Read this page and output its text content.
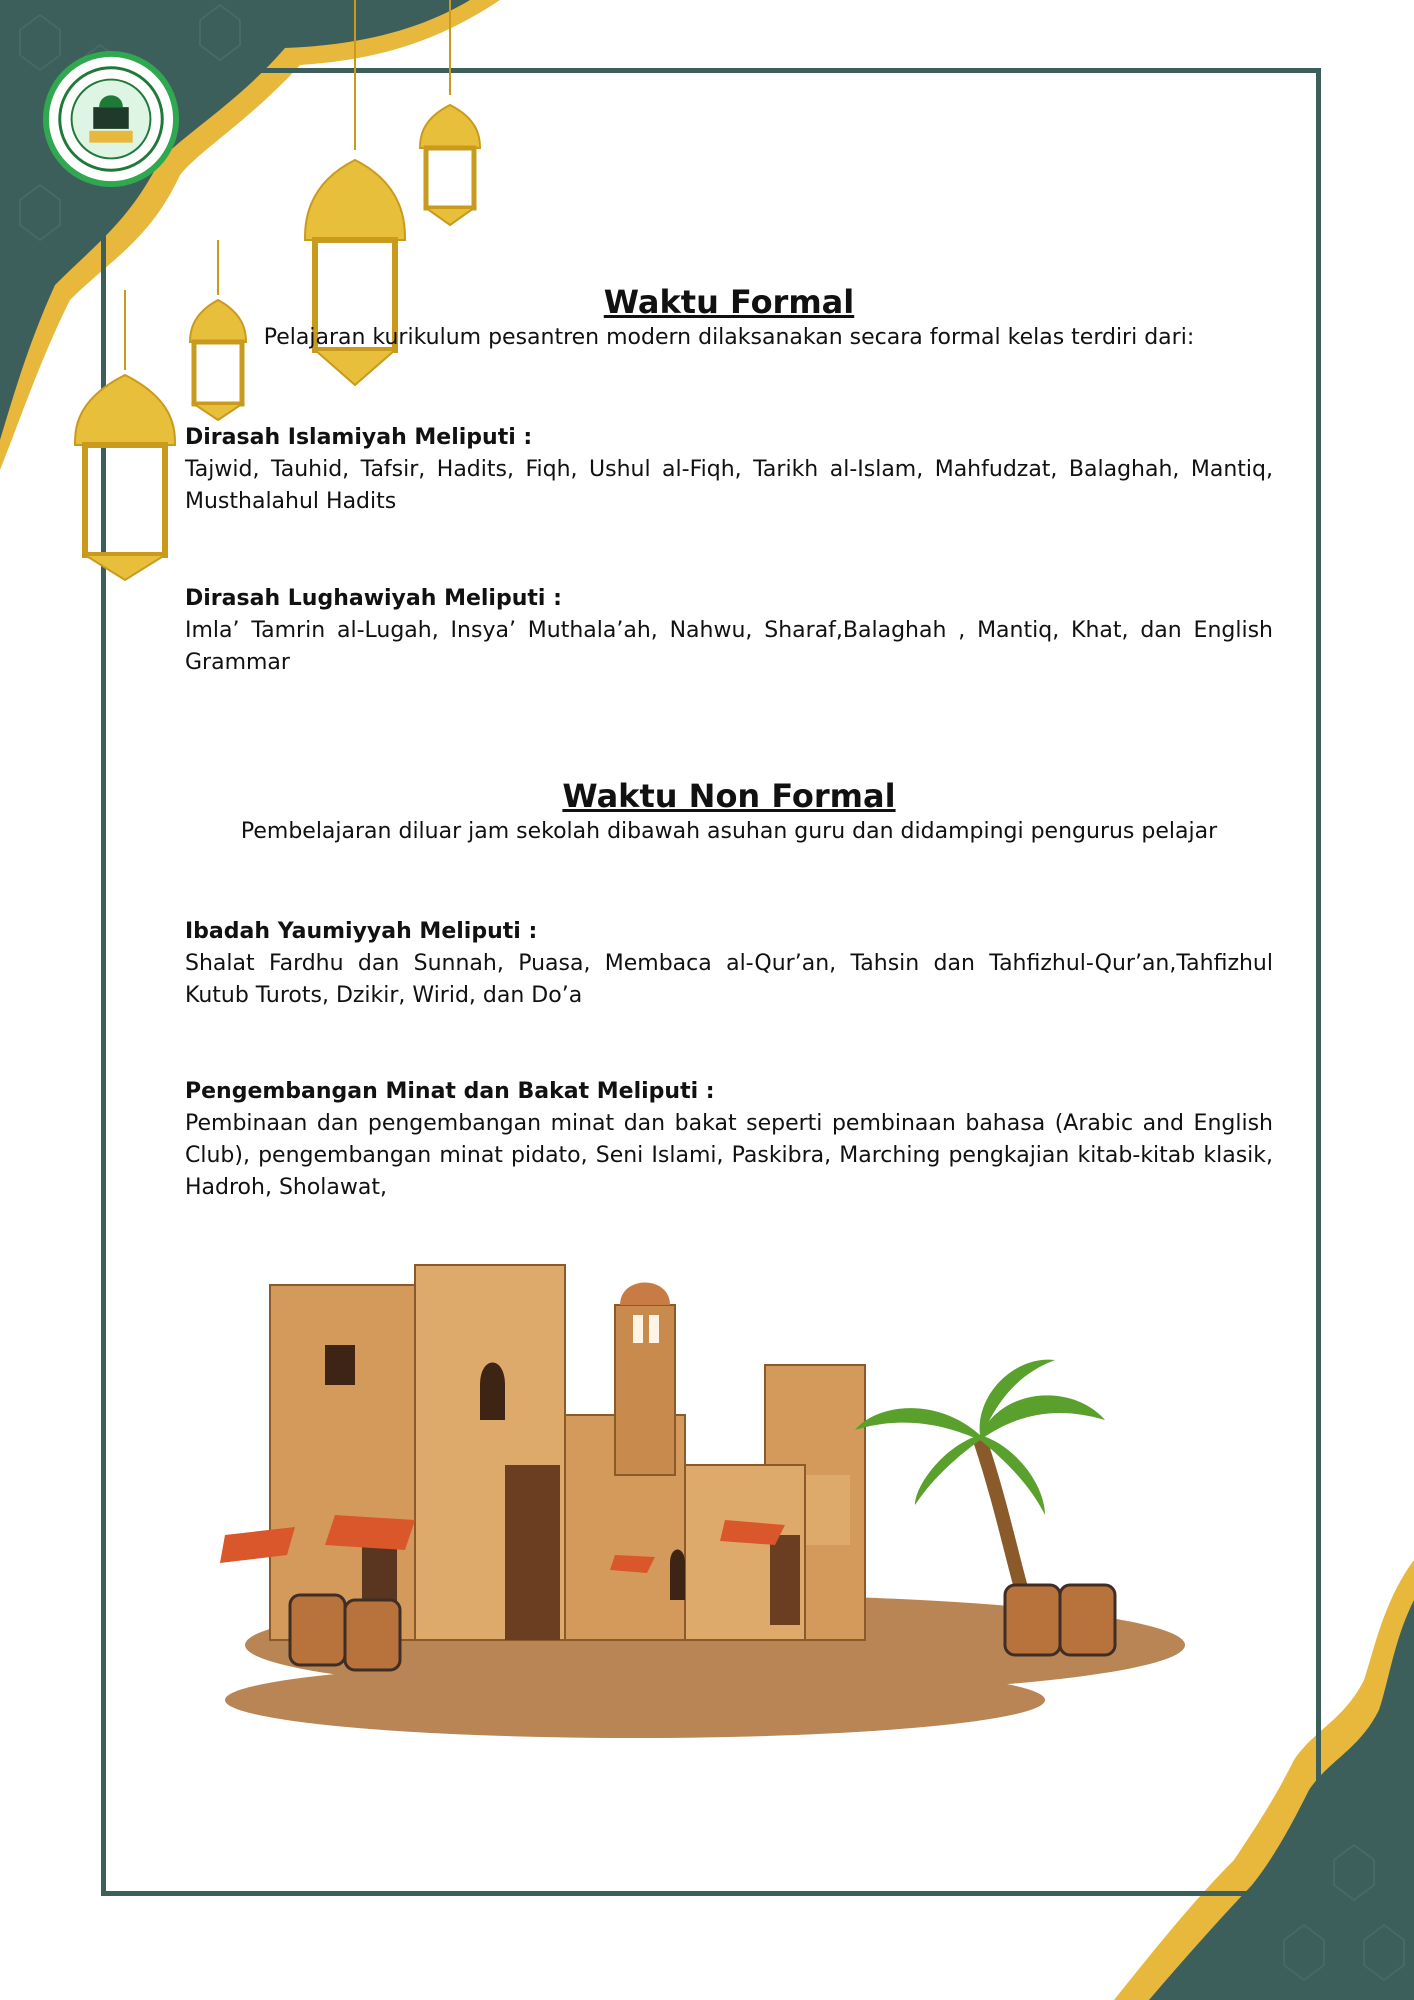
Waktu Formal

Pelajaran kurikulum pesantren modern dilaksanakan secara formal kelas terdiri dari:

Dirasah Islamiyah Meliputi :

Tajwid, Tauhid, Tafsir, Hadits, Fiqh, Ushul al-Fiqh, Tarikh al-Islam, Mahfudzat, Balaghah, Mantiq, Musthalahul Hadits

Dirasah Lughawiyah Meliputi :

Imla’ Tamrin al-Lugah, Insya’ Muthala’ah, Nahwu, Sharaf,Balaghah , Mantiq, Khat, dan English Grammar

Waktu Non Formal

Pembelajaran diluar jam sekolah dibawah asuhan guru dan didampingi pengurus pelajar

Ibadah Yaumiyyah Meliputi :

Shalat Fardhu dan Sunnah, Puasa, Membaca al-Qur’an, Tahsin dan Tahfizhul-Qur’an,Tahfizhul Kutub Turots, Dzikir, Wirid, dan Do’a

Pengembangan Minat dan Bakat Meliputi :

Pembinaan dan pengembangan minat dan bakat seperti pembinaan bahasa (Arabic and English Club), pengembangan minat pidato, Seni Islami, Paskibra, Marching pengkajian kitab-kitab klasik, Hadroh, Sholawat,
